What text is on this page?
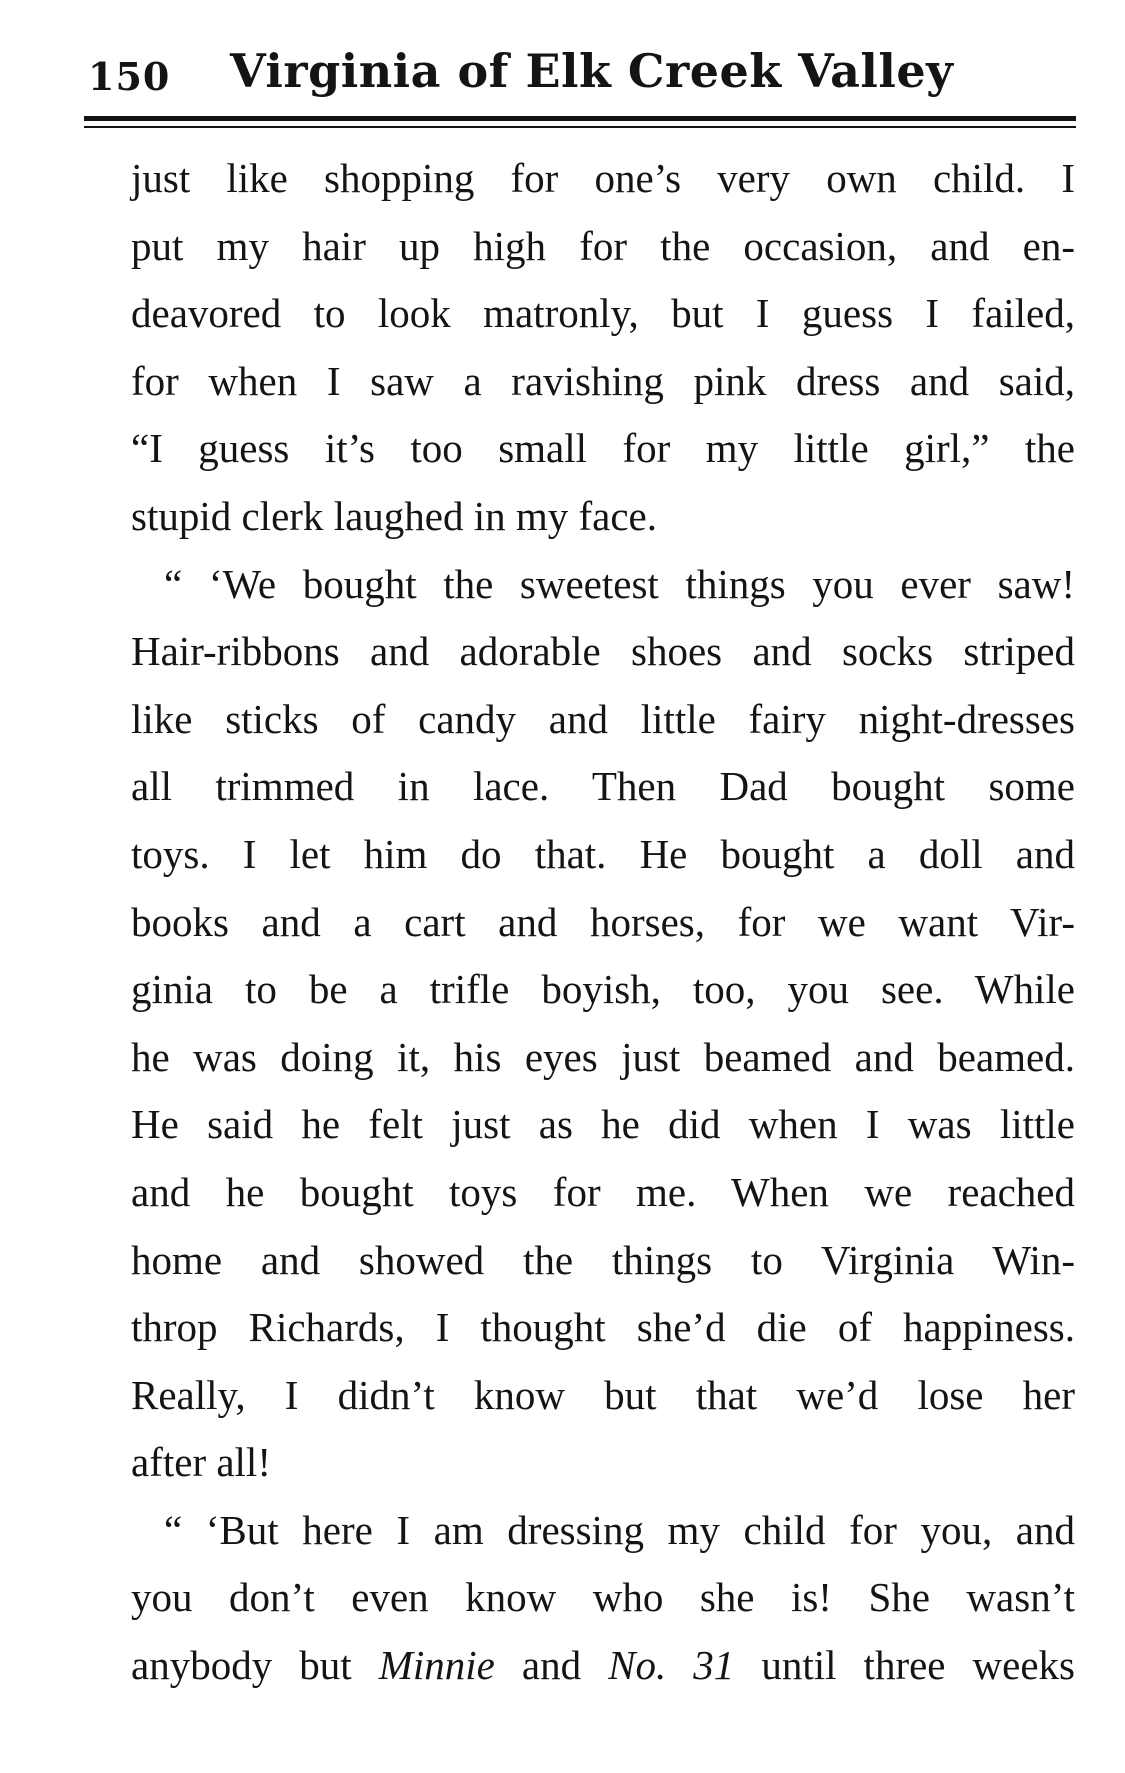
150 Virginia of Elk Creek Valley
just like shopping for one’s very own child. I
put my hair up high for the occasion, and en-
deavored to look matronly, but I guess I failed,
for when I saw a ravishing pink dress and said,
“I guess it’s too small for my little girl,” the
stupid clerk laughed in my face.
“ ‘We bought the sweetest things you ever saw!
Hair-ribbons and adorable shoes and socks striped
like sticks of candy and little fairy night-dresses
all trimmed in lace. Then Dad bought some
toys. I let him do that. He bought a doll and
books and a cart and horses, for we want Vir-
ginia to be a trifle boyish, too, you see. While
he was doing it, his eyes just beamed and beamed.
He said he felt just as he did when I was little
and he bought toys for me. When we reached
home and showed the things to Virginia Win-
throp Richards, I thought she’d die of happiness.
Really, I didn’t know but that we’d lose her
after all!
“ ‘But here I am dressing my child for you, and
you don’t even know who she is! She wasn’t
anybody but Minnie and No. 31 until three weeks
